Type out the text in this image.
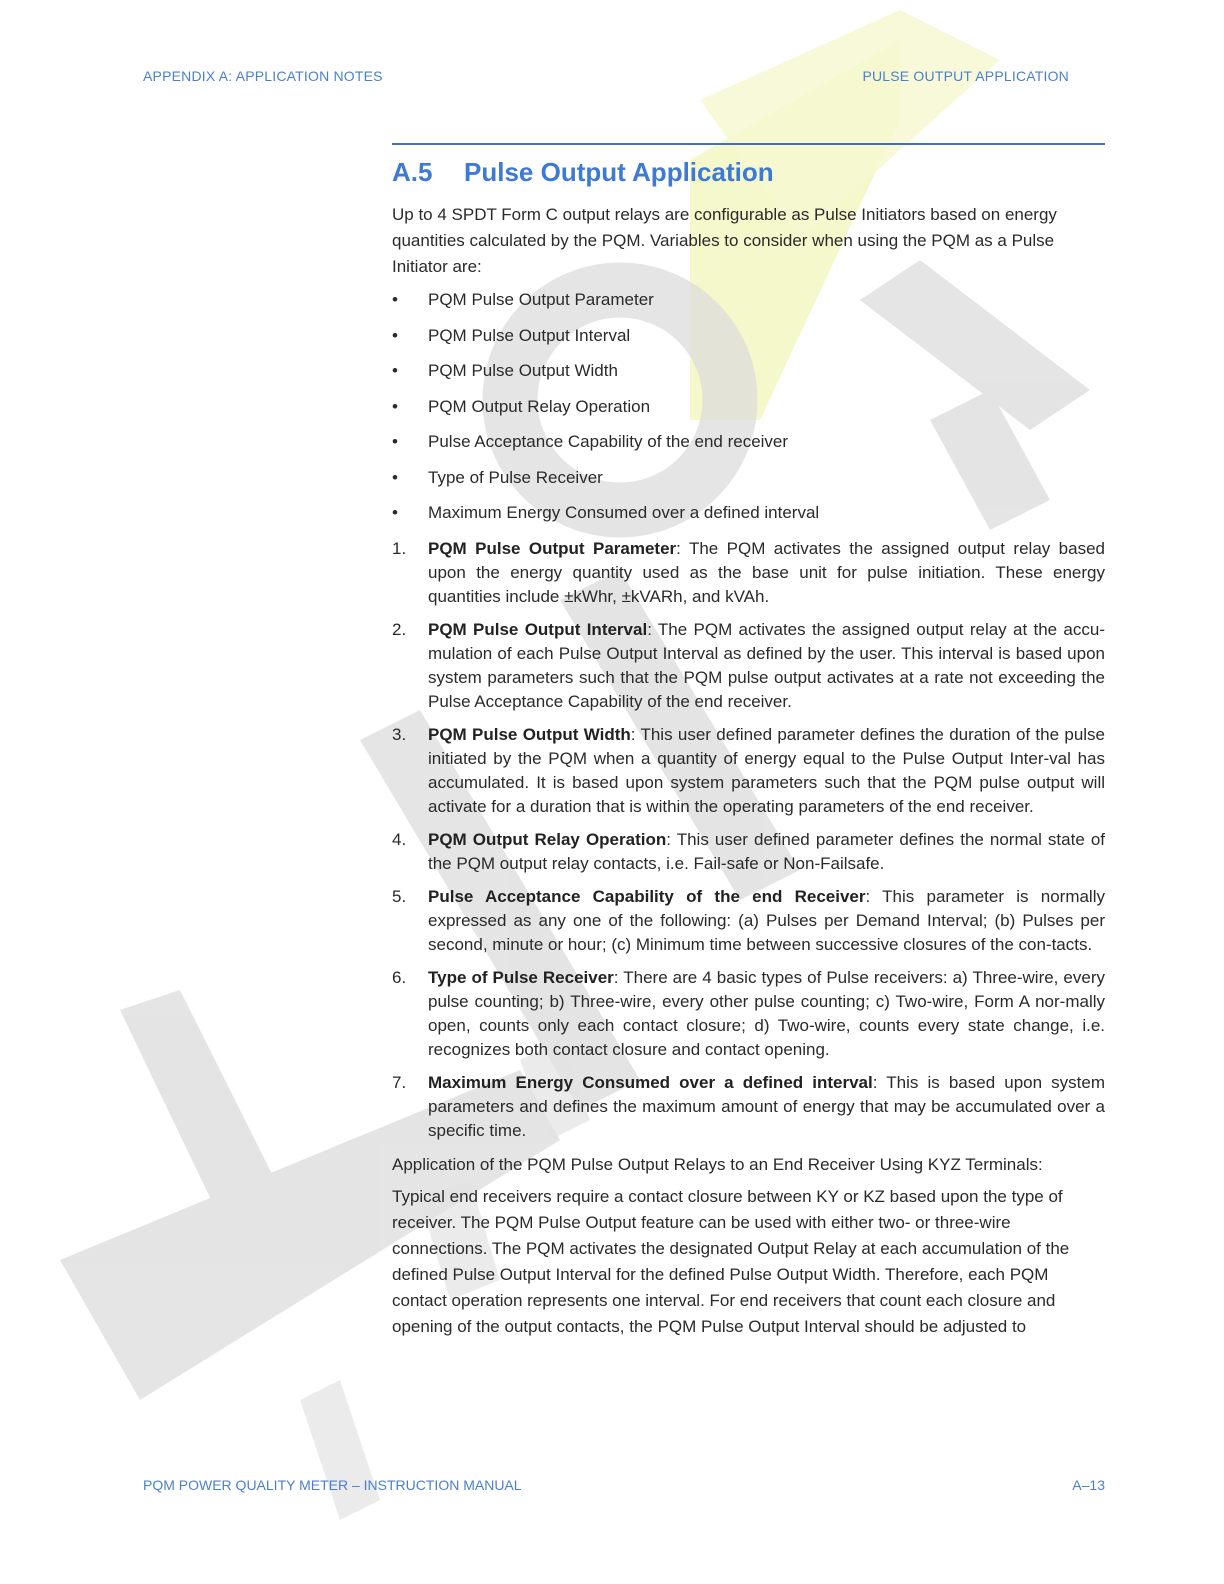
APPENDIX A: APPLICATION NOTES	PULSE OUTPUT APPLICATION
A.5	Pulse Output Application
Up to 4 SPDT Form C output relays are configurable as Pulse Initiators based on energy quantities calculated by the PQM. Variables to consider when using the PQM as a Pulse Initiator are:
• PQM Pulse Output Parameter
• PQM Pulse Output Interval
• PQM Pulse Output Width
• PQM Output Relay Operation
• Pulse Acceptance Capability of the end receiver
• Type of Pulse Receiver
• Maximum Energy Consumed over a defined interval
1. PQM Pulse Output Parameter: The PQM activates the assigned output relay based upon the energy quantity used as the base unit for pulse initiation. These energy quantities include ±kWhr, ±kVARh, and kVAh.
2. PQM Pulse Output Interval: The PQM activates the assigned output relay at the accu-mulation of each Pulse Output Interval as defined by the user. This interval is based upon system parameters such that the PQM pulse output activates at a rate not exceeding the Pulse Acceptance Capability of the end receiver.
3. PQM Pulse Output Width: This user defined parameter defines the duration of the pulse initiated by the PQM when a quantity of energy equal to the Pulse Output Inter-val has accumulated. It is based upon system parameters such that the PQM pulse output will activate for a duration that is within the operating parameters of the end receiver.
4. PQM Output Relay Operation: This user defined parameter defines the normal state of the PQM output relay contacts, i.e. Fail-safe or Non-Failsafe.
5. Pulse Acceptance Capability of the end Receiver: This parameter is normally expressed as any one of the following: (a) Pulses per Demand Interval; (b) Pulses per second, minute or hour; (c) Minimum time between successive closures of the con-tacts.
6. Type of Pulse Receiver: There are 4 basic types of Pulse receivers: a) Three-wire, every pulse counting; b) Three-wire, every other pulse counting; c) Two-wire, Form A nor-mally open, counts only each contact closure; d) Two-wire, counts every state change, i.e. recognizes both contact closure and contact opening.
7. Maximum Energy Consumed over a defined interval: This is based upon system parameters and defines the maximum amount of energy that may be accumulated over a specific time.
Application of the PQM Pulse Output Relays to an End Receiver Using KYZ Terminals:
Typical end receivers require a contact closure between KY or KZ based upon the type of receiver. The PQM Pulse Output feature can be used with either two- or three-wire connections. The PQM activates the designated Output Relay at each accumulation of the defined Pulse Output Interval for the defined Pulse Output Width. Therefore, each PQM contact operation represents one interval. For end receivers that count each closure and opening of the output contacts, the PQM Pulse Output Interval should be adjusted to
PQM POWER QUALITY METER – INSTRUCTION MANUAL	A–13
